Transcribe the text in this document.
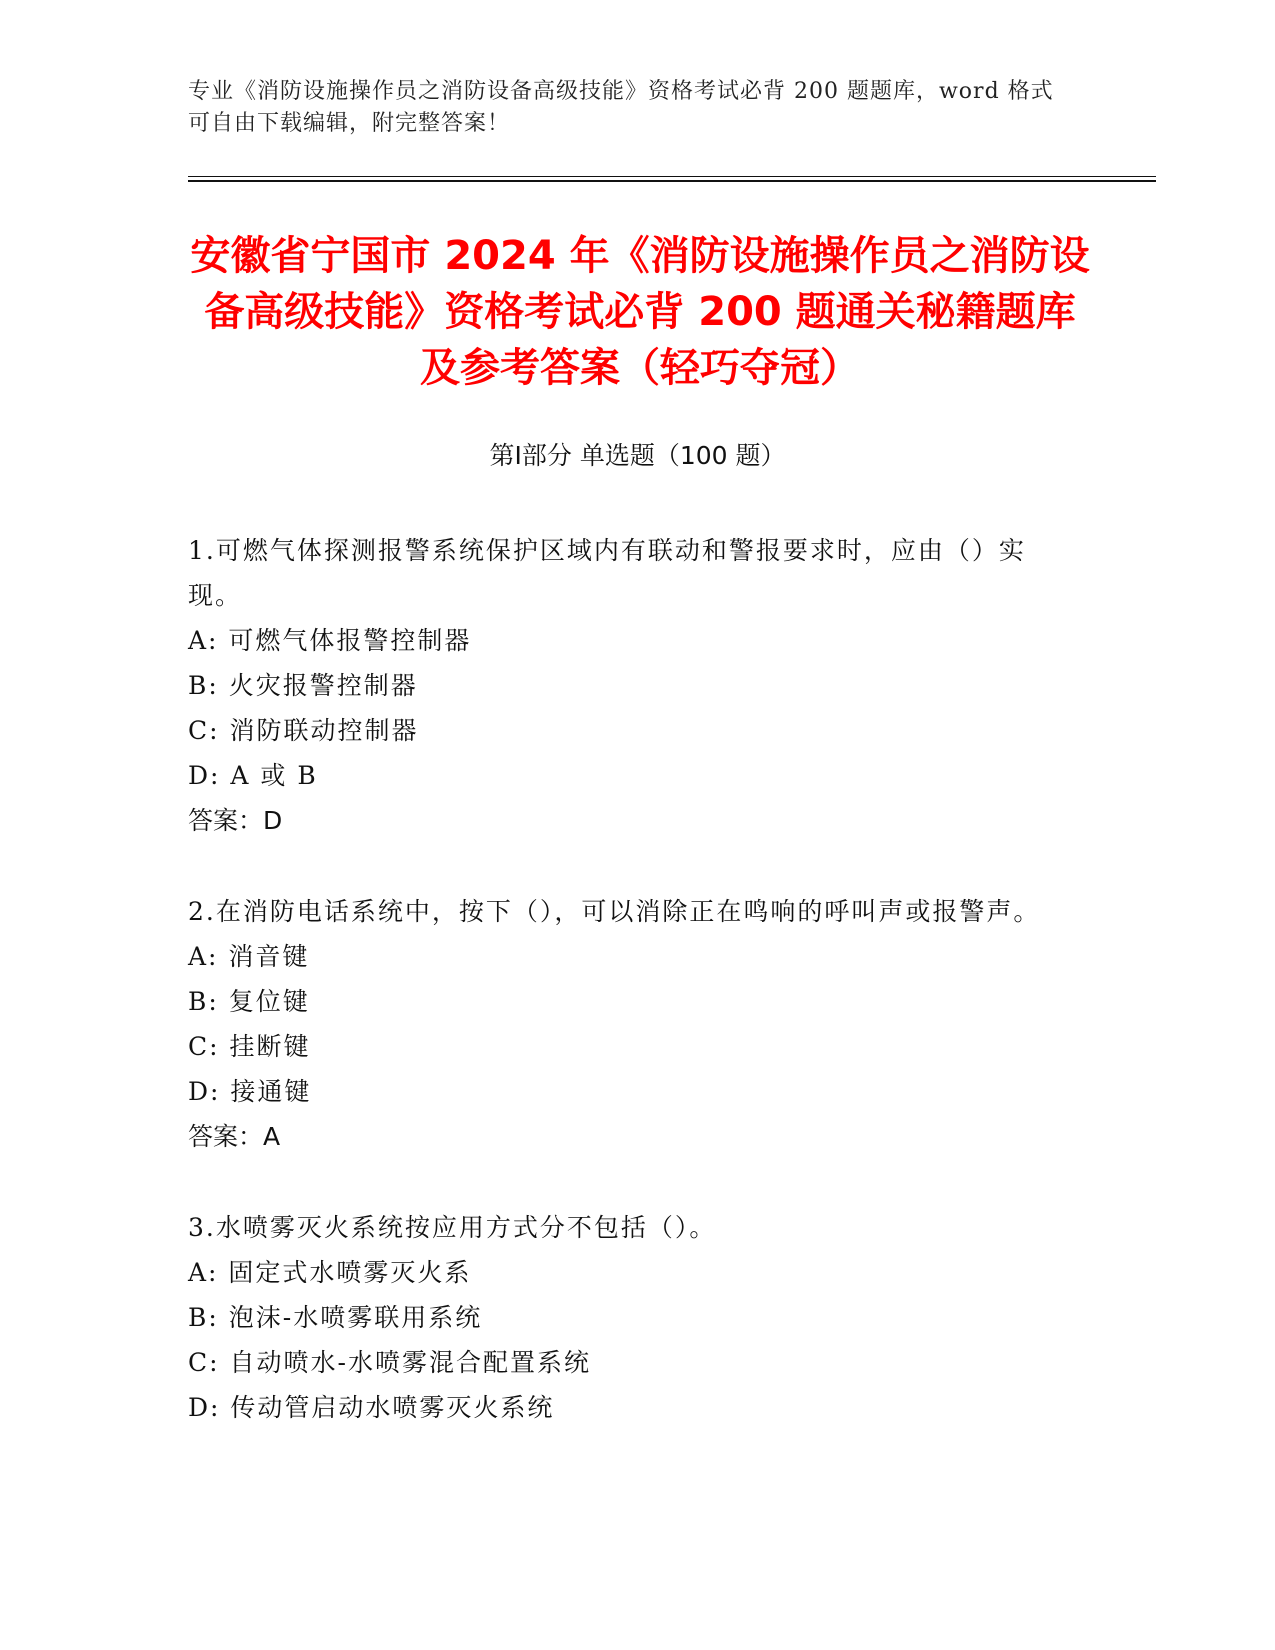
专业《消防设施操作员之消防设备高级技能》资格考试必背 200 题题库，word 格式可自由下载编辑，附完整答案！
安徽省宁国市 2024 年《消防设施操作员之消防设备高级技能》资格考试必背 200 题通关秘籍题库及参考答案（轻巧夺冠）
第Ⅰ部分 单选题（100 题）

1.可燃气体探测报警系统保护区域内有联动和警报要求时，应由（）实现。

A: 可燃气体报警控制器

B: 火灾报警控制器

C: 消防联动控制器

D: A 或 B

答案：D

2.在消防电话系统中，按下（），可以消除正在鸣响的呼叫声或报警声。

A: 消音键

B: 复位键

C: 挂断键

D: 接通键

答案：A

3.水喷雾灭火系统按应用方式分不包括（）。

A: 固定式水喷雾灭火系

B: 泡沫-水喷雾联用系统

C: 自动喷水-水喷雾混合配置系统

D: 传动管启动水喷雾灭火系统
